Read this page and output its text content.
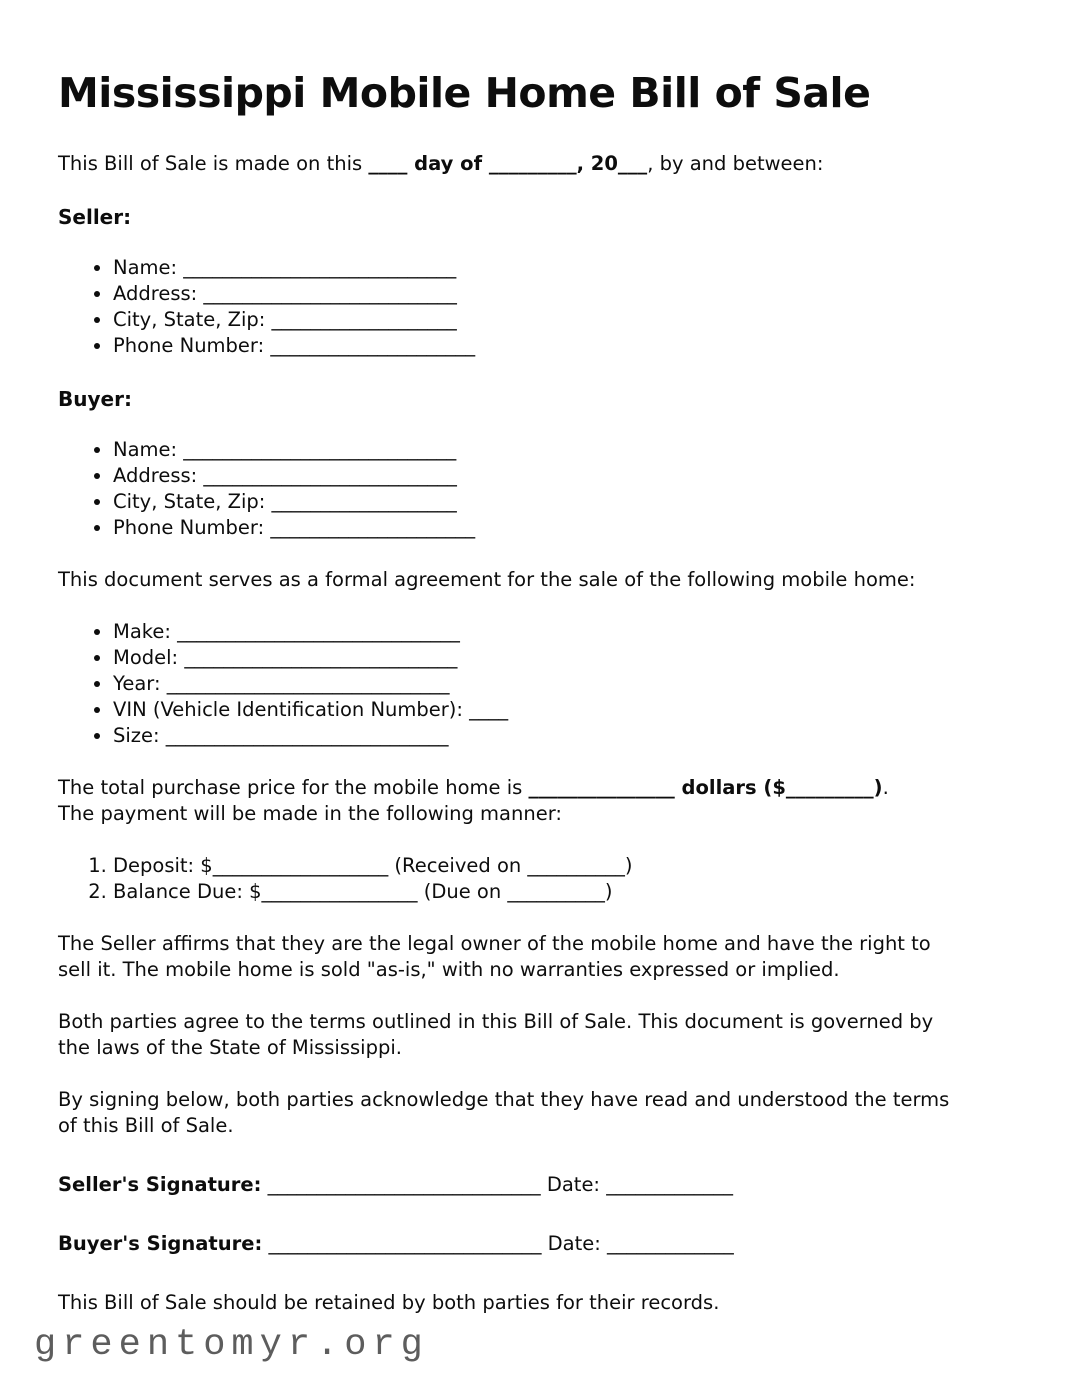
Mississippi Mobile Home Bill of Sale

This Bill of Sale is made on this ____ day of _________, 20___, by and between:

Seller:
• Name: ____________________________
• Address: __________________________
• City, State, Zip: ___________________
• Phone Number: _____________________
Buyer:
• Name: ____________________________
• Address: __________________________
• City, State, Zip: ___________________
• Phone Number: _____________________

This document serves as a formal agreement for the sale of the following mobile home:

• Make: _____________________________
• Model: ____________________________
• Year: _____________________________
• VIN (Vehicle Identification Number): ____
• Size: _____________________________

The total purchase price for the mobile home is _______________ dollars ($_________).
The payment will be made in the following manner:

1. Deposit: $__________________ (Received on __________)
2. Balance Due: $________________ (Due on __________)

The Seller affirms that they are the legal owner of the mobile home and have the right to
sell it. The mobile home is sold "as-is," with no warranties expressed or implied.

Both parties agree to the terms outlined in this Bill of Sale. This document is governed by
the laws of the State of Mississippi.

By signing below, both parties acknowledge that they have read and understood the terms
of this Bill of Sale.

Seller's Signature: ____________________________ Date: _____________

Buyer's Signature: ____________________________ Date: _____________

This Bill of Sale should be retained by both parties for their records.

greentomyr.org
